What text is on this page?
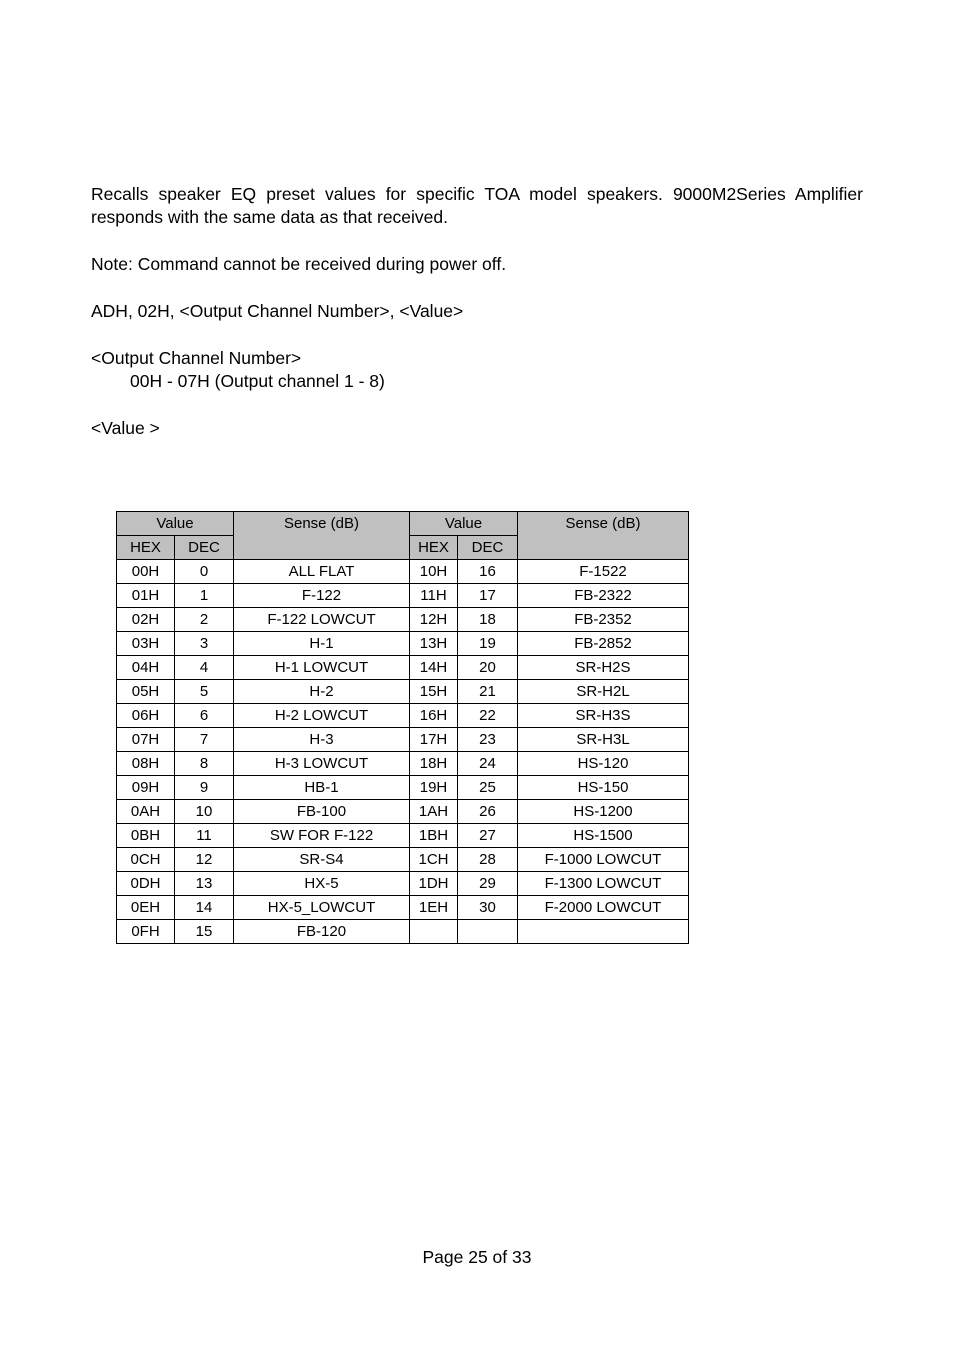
Recalls speaker EQ preset values for specific TOA model speakers. 9000M2Series Amplifier responds with the same data as that received.

Note: Command cannot be received during power off.

ADH, 02H, <Output Channel Number>, <Value>

<Output Channel Number>

00H - 07H (Output channel 1 - 8)

<Value >

Value		Sense (dB)	Value		Sense (dB)
HEX	DEC		HEX	DEC	
00H	0	ALL FLAT	10H	16	F-1522
01H	1	F-122	11H	17	FB-2322
02H	2	F-122 LOWCUT	12H	18	FB-2352
03H	3	H-1	13H	19	FB-2852
04H	4	H-1 LOWCUT	14H	20	SR-H2S
05H	5	H-2	15H	21	SR-H2L
06H	6	H-2 LOWCUT	16H	22	SR-H3S
07H	7	H-3	17H	23	SR-H3L
08H	8	H-3 LOWCUT	18H	24	HS-120
09H	9	HB-1	19H	25	HS-150
0AH	10	FB-100	1AH	26	HS-1200
0BH	11	SW FOR F-122	1BH	27	HS-1500
0CH	12	SR-S4	1CH	28	F-1000 LOWCUT
0DH	13	HX-5	1DH	29	F-1300 LOWCUT
0EH	14	HX-5_LOWCUT	1EH	30	F-2000 LOWCUT
0FH	15	FB-120			
Page 25 of 33
